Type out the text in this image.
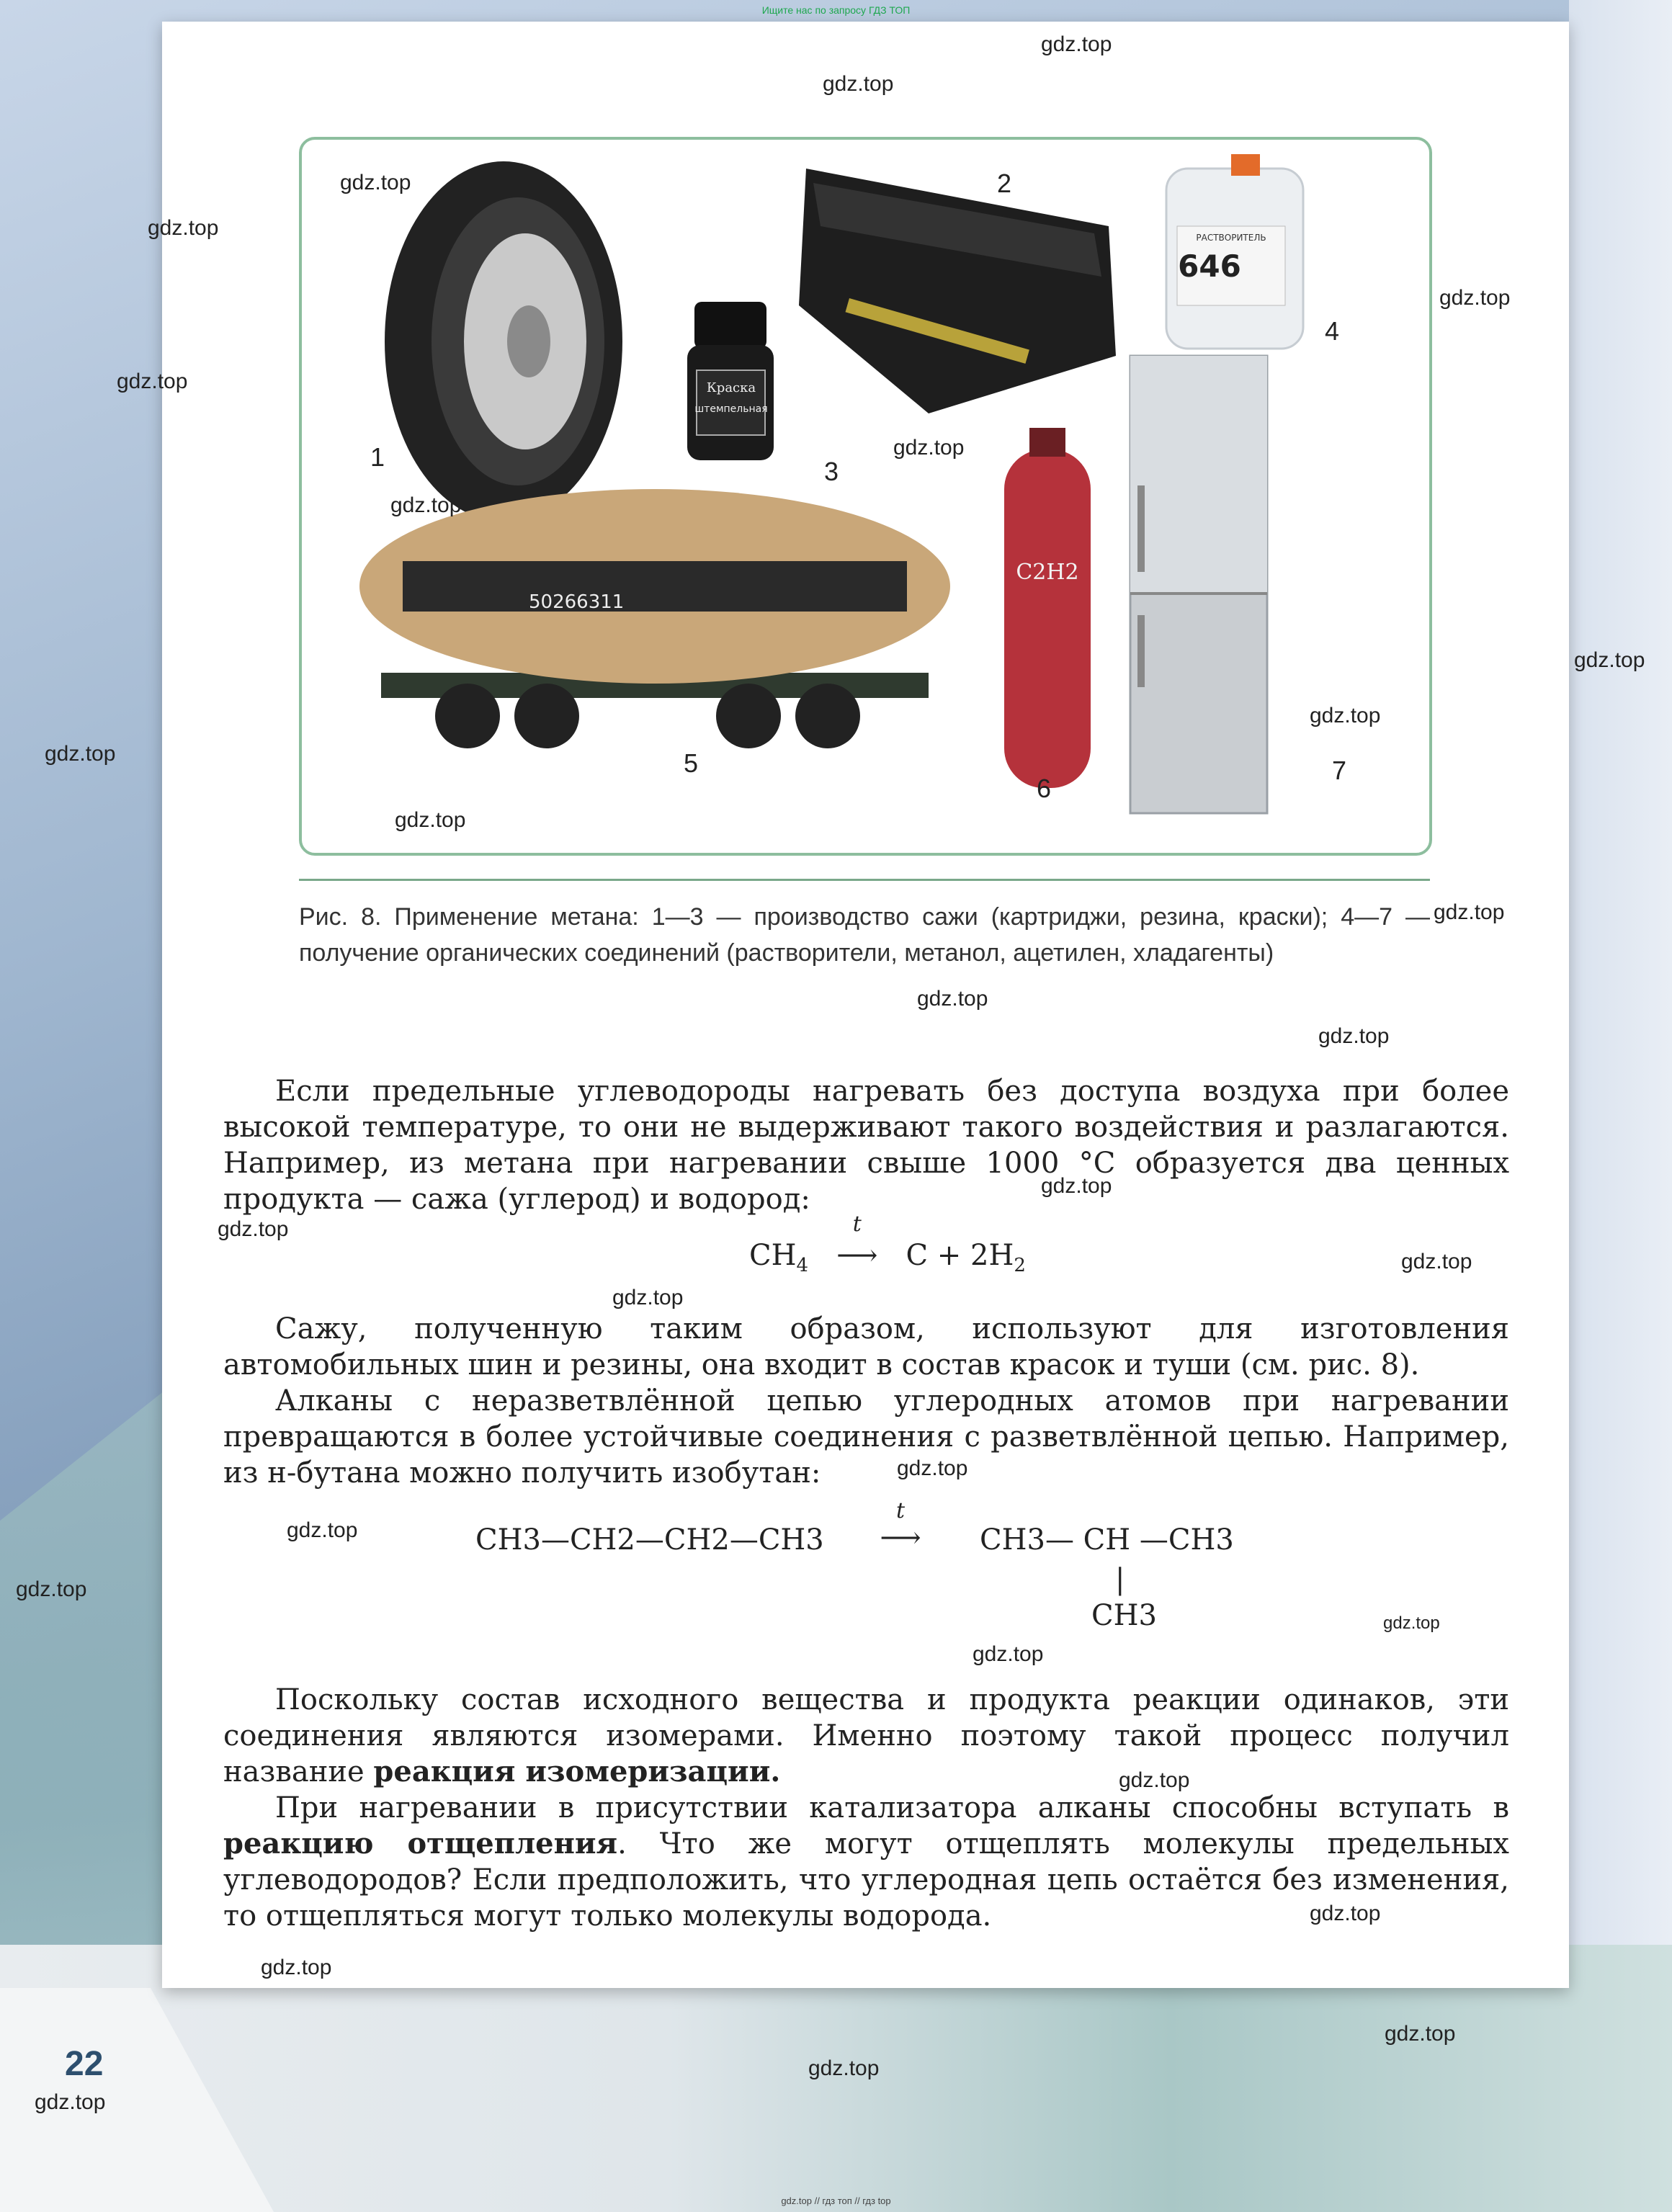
Ищите нас по запросу ГДЗ ТОП
Краска
штемпельная
РАСТВОРИТЕЛЬ
646
C2H2
50266311
1
2
3
4
5
6
7
Рис. 8. Применение метана: 1—3 — производство сажи (картриджи, резина, краски); 4—7 — получение органических соединений (растворители, метанол, ацетилен, хладагенты)

Если предельные углеводороды нагревать без доступа воздуха при более высокой температуре, то они не выдерживают такого воздействия и разлагаются. Например, из метана при нагревании свыше 1000 °С образуется два ценных продукта — сажа (углерод) и водород:

$CH_4$
t
⟶ $C + 2H_2$

Сажу, полученную таким образом, используют для изготовления автомобильных шин и резины, она входит в состав красок и туши (см. рис. 8).

Алканы с неразветвлённой цепью углеродных атомов при нагревании превращаются в более устойчивые соединения с разветвлённой цепью. Например, из н-бутана можно получить изобутан:

CH3—CH2—CH2—CH3
t
⟶	CH3— CH —CH3
|
CH3

Поскольку состав исходного вещества и продукта реакции одинаков, эти соединения являются изомерами. Именно поэтому такой процесс получил название реакция изомеризации.

При нагревании в присутствии катализатора алканы способны вступать в реакцию отщепления. Что же могут отщеплять молекулы предельных углеводородов? Если предположить, что углеродная цепь остаётся без изменения, то отщепляться могут только молекулы водорода.

22
gdz.top
gdz.top
gdz.top
gdz.top
gdz.top
gdz.top
gdz.top
gdz.top
gdz.top
gdz.top
gdz.top
gdz.top
gdz.top
gdz.top
gdz.top
gdz.top
gdz.top
gdz.top
gdz.top
gdz.top
gdz.top
gdz.top
gdz.top
gdz.top
gdz.top
gdz.top
gdz.top
gdz.top
gdz.top
gdz.top
gdz.top // гдз топ // гдз top
